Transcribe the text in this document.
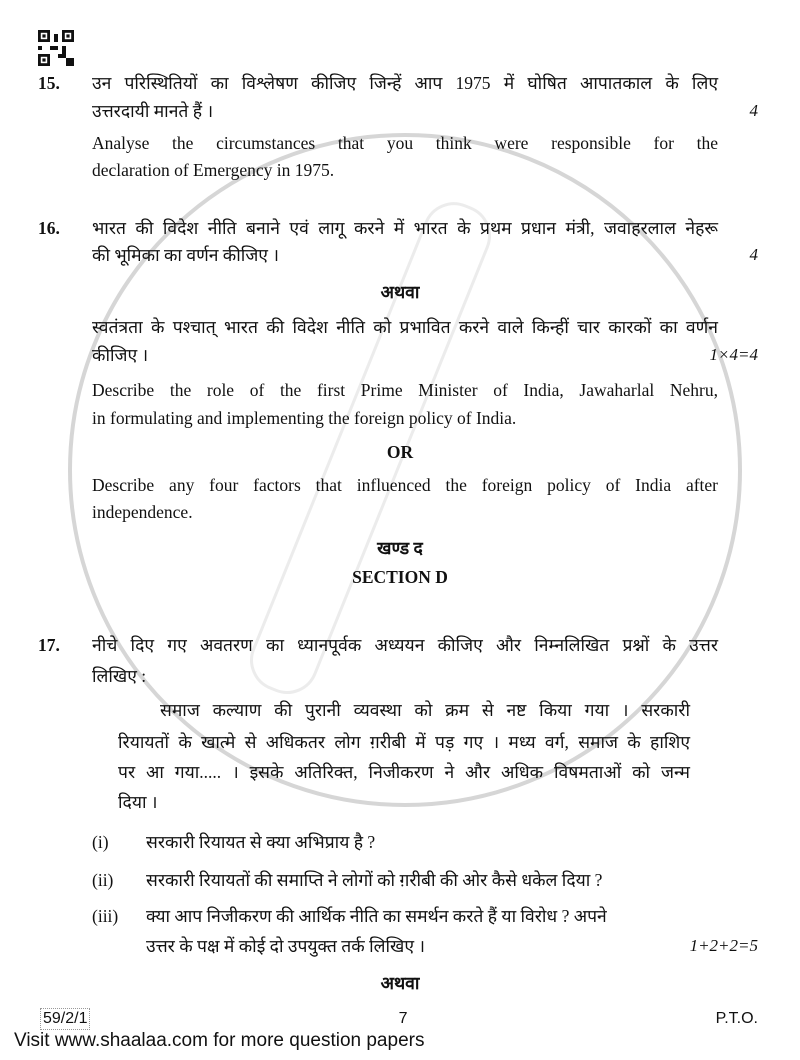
15. उन परिस्थितियों का विश्लेषण कीजिए जिन्हें आप 1975 में घोषित आपातकाल के लिए
उत्तरदायी मानते हैं ।	4
Analyse the circumstances that you think were responsible for the
declaration of Emergency in 1975.
16. भारत की विदेश नीति बनाने एवं लागू करने में भारत के प्रथम प्रधान मंत्री, जवाहरलाल नेहरू
की भूमिका का वर्णन कीजिए ।	4
अथवा
स्वतंत्रता के पश्चात् भारत की विदेश नीति को प्रभावित करने वाले किन्हीं चार कारकों का वर्णन
कीजिए ।	1×4=4
Describe the role of the first Prime Minister of India, Jawaharlal Nehru,
in formulating and implementing the foreign policy of India.
OR
Describe any four factors that influenced the foreign policy of India after
independence.
खण्ड द
SECTION D
17. नीचे दिए गए अवतरण का ध्यानपूर्वक अध्ययन कीजिए और निम्नलिखित प्रश्नों के उत्तर
लिखिए :
समाज कल्याण की पुरानी व्यवस्था को क्रम से नष्ट किया गया । सरकारी
रियायतों के खात्मे से अधिकतर लोग ग़रीबी में पड़ गए । मध्य वर्ग, समाज के हाशिए
पर आ गया..... । इसके अतिरिक्त, निजीकरण ने और अधिक विषमताओं को जन्म
दिया ।
(i) सरकारी रियायत से क्या अभिप्राय है ?
(ii) सरकारी रियायतों की समाप्ति ने लोगों को ग़रीबी की ओर कैसे धकेल दिया ?
(iii) क्या आप निजीकरण की आर्थिक नीति का समर्थन करते हैं या विरोध ? अपने
उत्तर के पक्ष में कोई दो उपयुक्त तर्क लिखिए ।	1+2+2=5
अथवा
59/2/1	7	P.T.O.
Visit www.shaalaa.com for more question papers
